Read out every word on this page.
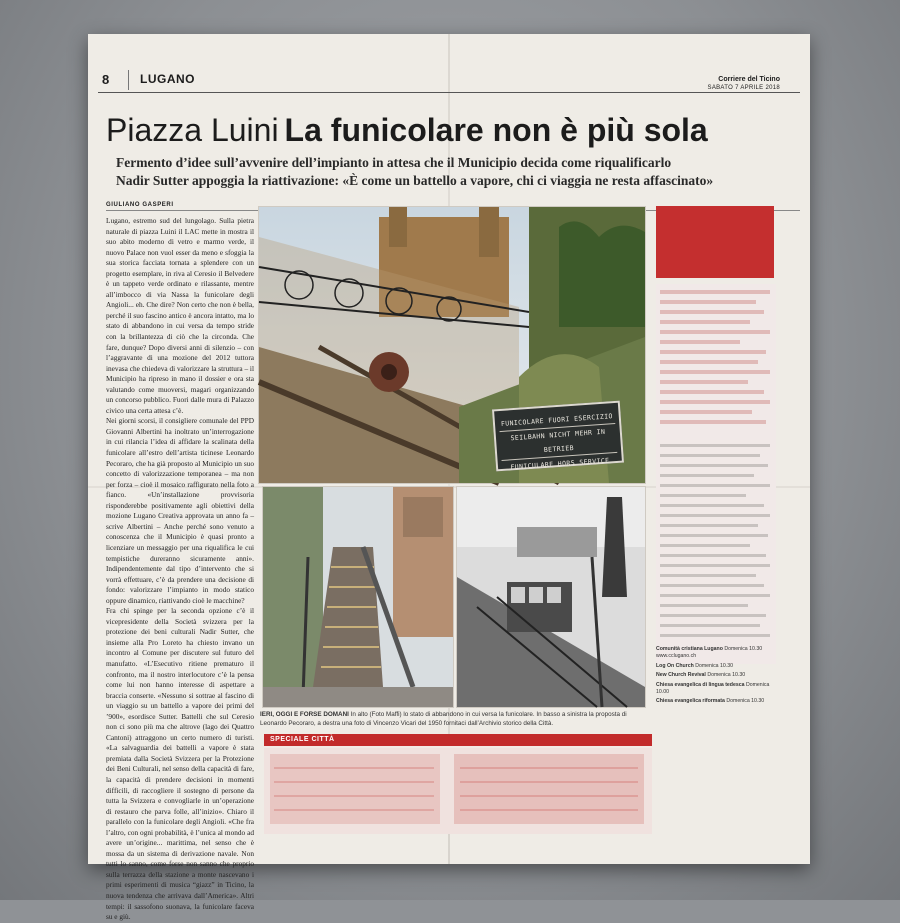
8	LUGANO	Corriere del Ticino
SABATO 7 APRILE 2018
Piazza Luini La funicolare non è più sola
Fermento d’idee sull’avvenire dell’impianto in attesa che il Municipio decida come riqualificarlo
Nadir Sutter appoggia la riattivazione: «È come un battello a vapore, chi ci viaggia ne resta affascinato»
GIULIANO GASPERI

Lugano, estremo sud del lungolago. Sulla pietra naturale di piazza Luini il LAC mette in mostra il suo abito moderno di vetro e marmo verde, il nuovo Palace non vuol esser da meno e sfoggia la sua storica facciata tornata a splendere con un progetto esemplare, in riva al Ceresio il Belvedere è un tappeto verde ordinato e rilassante, mentre all’imbocco di via Nassa la funicolare degli Angioli... eh. Che dire? Non certo che non è bella, perché il suo fascino antico è ancora intatto, ma lo stato di abbandono in cui versa da tempo stride con la brillantezza di ciò che la circonda. Che fare, dunque? Dopo diversi anni di silenzio – con l’aggravante di una mozione del 2012 tuttora inevasa che chiedeva di valorizzare la struttura – il Municipio ha ripreso in mano il dossier e ora sta valutando come muoversi, magari organizzando un concorso pubblico. Fuori dalle mura di Palazzo civico una certa attesa c’è.

Nei giorni scorsi, il consigliere comunale del PPD Giovanni Albertini ha inoltrato un’interrogazione in cui rilancia l’idea di affidare la scalinata della funicolare all’estro dell’artista ticinese Leonardo Pecoraro, che ha già proposto al Municipio un suo concetto di valorizzazione temporanea – ma non per forza – cioè il mosaico raffigurato nella foto a fianco. «Un’installazione provvisoria risponderebbe positivamente agli obiettivi della mozione Lugano Creativa approvata un anno fa – scrive Albertini – Anche perché sono venuto a conoscenza che il Municipio è quasi pronto a licenziare un messaggio per una riqualifica le cui tempistiche dureranno sicuramente anni». Indipendentemente dal tipo d’intervento che si vorrà effettuare, c’è da prendere una decisione di fondo: valorizzare l’impianto in modo statico oppure dinamico, riattivando cioè le macchine?

Fra chi spinge per la seconda opzione c’è il vicepresidente della Società svizzera per la protezione dei beni culturali Nadir Sutter, che insieme alla Pro Loreto ha chiesto invano un incontro al Comune per discutere sul futuro del manufatto. «L’Esecutivo ritiene prematuro il confronto, ma il nostro interlocutore c’è la pensa come lui non hanno interesse di aspettare a braccia conserte. «Nessuno si sottrae al fascino di un viaggio su un battello a vapore dei primi del ’900», esordisce Sutter. Battelli che sul Ceresio non ci sono più ma che altrove (lago dei Quattro Cantoni) attraggono un certo numero di turisti. «La salvaguardia dei battelli a vapore è stata premiata dalla Società Svizzera per la Protezione dei Beni Culturali, nel senso della capacità di fare, la capacità di prendere decisioni in momenti difficili, di raccogliere il sostegno di persone da tutta la Svizzera e convogliarle in un’operazione di restauro che parva folle, all’inizio». Chiaro il parallelo con la funicolare degli Angioli. «Che fra l’altro, con ogni probabilità, è l’unica al mondo ad avere un’origine... marittima, nel senso che è mossa da un sistema di derivazione navale. Non tutti lo sanno, come forse non sanno che proprio sulla terrazza della stazione a monte nascevano i primi esperimenti di musica “giazz” in Ticino, la nuova tendenza che arrivava dall’America». Altri tempi: il sassofono suonava, la funicolare faceva su e giù.

FUNICOLARE FUORI ESERCIZIO
SEILBAHN NICHT MEHR IN BETRIEB
FUNICULARE HORS SERVICE
IERI, OGGI E FORSE DOMANI In alto (Foto Maffi) lo stato di abbandono in cui versa la funicolare. In basso a sinistra la proposta di Leonardo Pecoraro, a destra una foto di Vincenzo Vicari del 1950 fornitaci dall’Archivio storico della Città.
SPECIALE CITTÀ

Comunità cristiana Lugano Domenica 10.30 www.cclugano.ch

Log On Church Domenica 10.30

New Church Revival Domenica 10.30

Chiesa evangelica di lingua tedesca Domenica 10.00

Chiesa evangelica riformata Domenica 10.30
